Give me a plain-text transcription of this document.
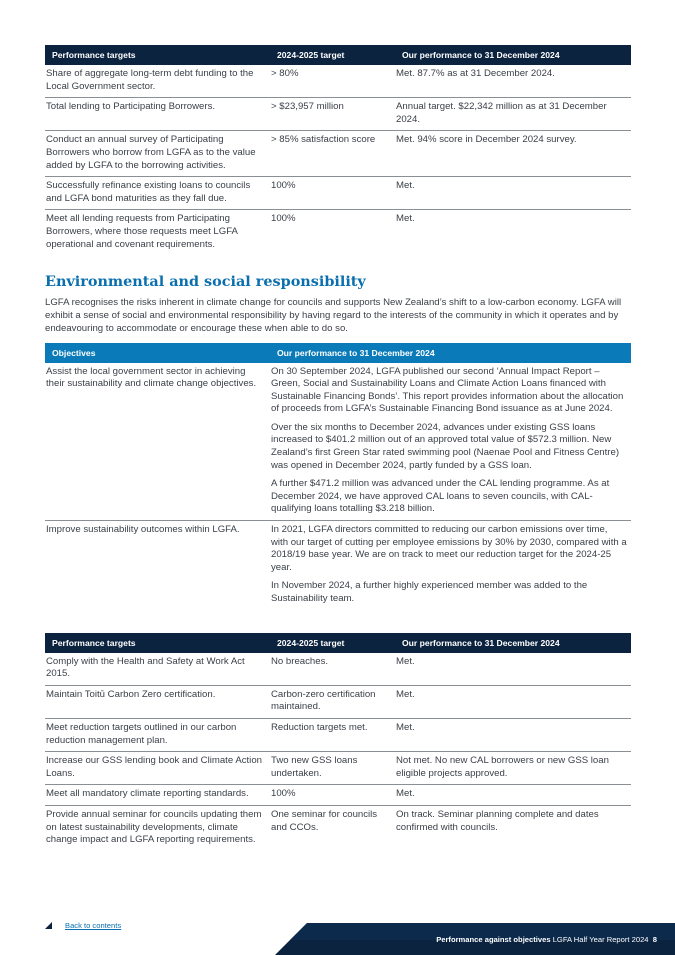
Performance targets	2024-2025 target	Our performance to 31 December 2024
Share of aggregate long-term debt funding to the Local Government sector.	> 80%	Met. 87.7% as at 31 December 2024.
Total lending to Participating Borrowers.	> $23,957 million	Annual target. $22,342 million as at 31 December 2024.
Conduct an annual survey of Participating Borrowers who borrow from LGFA as to the value added by LGFA to the borrowing activities.	> 85% satisfaction score	Met. 94% score in December 2024 survey.
Successfully refinance existing loans to councils and LGFA bond maturities as they fall due.	100%	Met.
Meet all lending requests from Participating Borrowers, where those requests meet LGFA operational and covenant requirements.	100%	Met.
Environmental and social responsibility

LGFA recognises the risks inherent in climate change for councils and supports New Zealand’s shift to a low-carbon economy. LGFA will exhibit a sense of social and environmental responsibility by having regard to the interests of the community in which it operates and by endeavouring to accommodate or encourage these when able to do so.

Objectives	Our performance to 31 December 2024
Assist the local government sector in achieving their sustainability and climate change objectives.	On 30 September 2024, LGFA published our second ‘Annual Impact Report – Green, Social and Sustainability Loans and Climate Action Loans financed with Sustainable Financing Bonds’. This report provides information about the allocation of proceeds from LGFA’s Sustainable Financing Bond issuance as at June 2024.

Over the six months to December 2024, advances under existing GSS loans increased to $401.2 million out of an approved total value of $572.3 million. New Zealand’s first Green Star rated swimming pool (Naenae Pool and Fitness Centre) was opened in December 2024, partly funded by a GSS loan.

A further $471.2 million was advanced under the CAL lending programme. As at December 2024, we have approved CAL loans to seven councils, with CAL-qualifying loans totalling $3.218 billion.

Improve sustainability outcomes within LGFA.	In 2021, LGFA directors committed to reducing our carbon emissions over time, with our target of cutting per employee emissions by 30% by 2030, compared with a 2018/19 base year. We are on track to meet our reduction target for the 2024-25 year.

In November 2024, a further highly experienced member was added to the Sustainability team.

Performance targets	2024-2025 target	Our performance to 31 December 2024
Comply with the Health and Safety at Work Act 2015.	No breaches.	Met.
Maintain Toitū Carbon Zero certification.	Carbon-zero certification maintained.	Met.
Meet reduction targets outlined in our carbon reduction management plan.	Reduction targets met.	Met.
Increase our GSS lending book and Climate Action Loans.	Two new GSS loans undertaken.	Not met. No new CAL borrowers or new GSS loan eligible projects approved.
Meet all mandatory climate reporting standards.	100%	Met.
Provide annual seminar for councils updating them on latest sustainability developments, climate change impact and LGFA reporting requirements.	One seminar for councils and CCOs.	On track. Seminar planning complete and dates confirmed with councils.
Back to contents
Performance against objectives LGFA Half Year Report 2024 8
